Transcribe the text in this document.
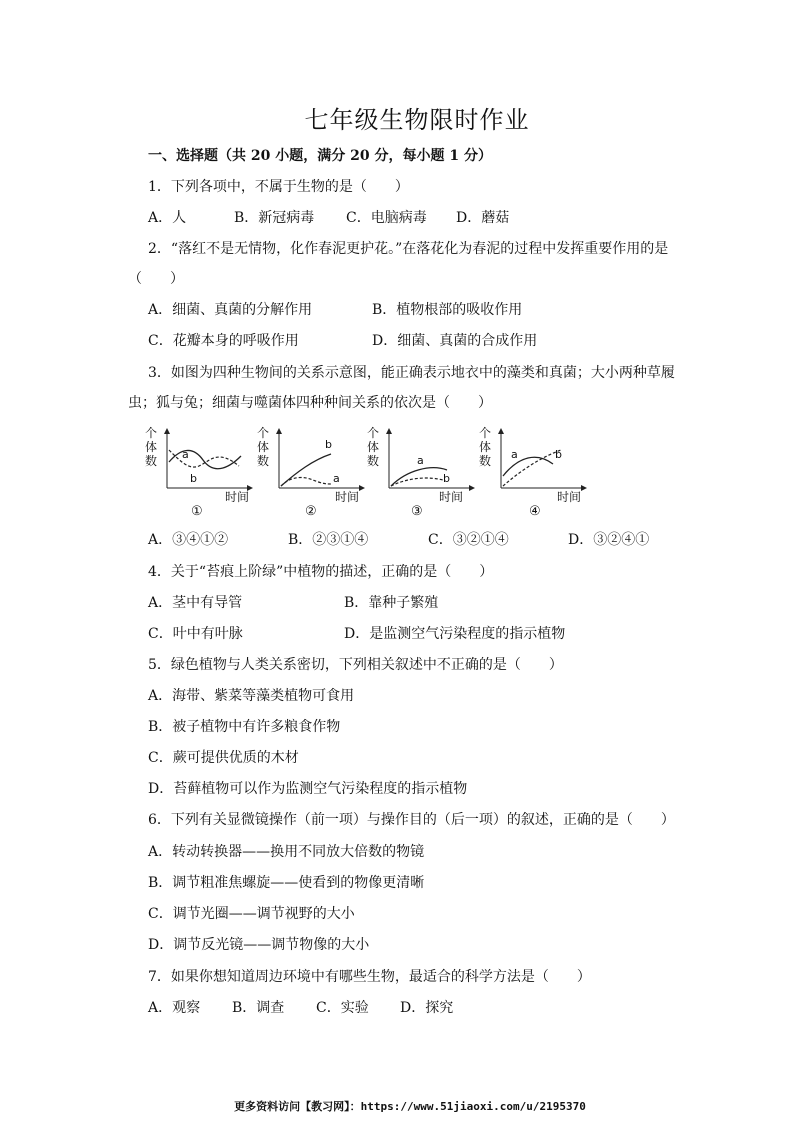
七年级生物限时作业
一、选择题（共 20 小题，满分 20 分，每小题 1 分）
1．下列各项中，不属于生物的是（　　）
A．人	B．新冠病毒 C．电脑病毒 D．蘑菇
2．“落红不是无情物，化作春泥更护花。”在落花化为春泥的过程中发挥重要作用的是
（　　）
A．细菌、真菌的分解作用	B．植物根部的吸收作用
C．花瓣本身的呼吸作用	D．细菌、真菌的合成作用
3．如图为四种生物间的关系示意图，能正确表示地衣中的藻类和真菌；大小两种草履
虫；狐与兔；细菌与噬菌体四种种间关系的依次是（　　）
个体数 a
b
时间
①
个体数
b
a
时间
②
个体数	a
b
时间
③
个体数 a	b
时间
④
A．③④①②	B．②③①④	C．③②①④	D．③②④①
4．关于“苔痕上阶绿”中植物的描述，正确的是（　　）
A．茎中有导管	B．靠种子繁殖
C．叶中有叶脉	D．是监测空气污染程度的指示植物
5．绿色植物与人类关系密切，下列相关叙述中不正确的是（　　）
A．海带、紫菜等藻类植物可食用
B．被子植物中有许多粮食作物
C．蕨可提供优质的木材
D．苔藓植物可以作为监测空气污染程度的指示植物
6．下列有关显微镜操作（前一项）与操作目的（后一项）的叙述，正确的是（　　）
A．转动转换器——换用不同放大倍数的物镜
B．调节粗准焦螺旋——使看到的物像更清晰
C．调节光圈——调节视野的大小
D．调节反光镜——调节物像的大小
7．如果你想知道周边环境中有哪些生物，最适合的科学方法是（　　）
A．观察 B．调查 C．实验 D．探究
更多资料访问【教习网】：https://www.51jiaoxi.com/u/2195370
